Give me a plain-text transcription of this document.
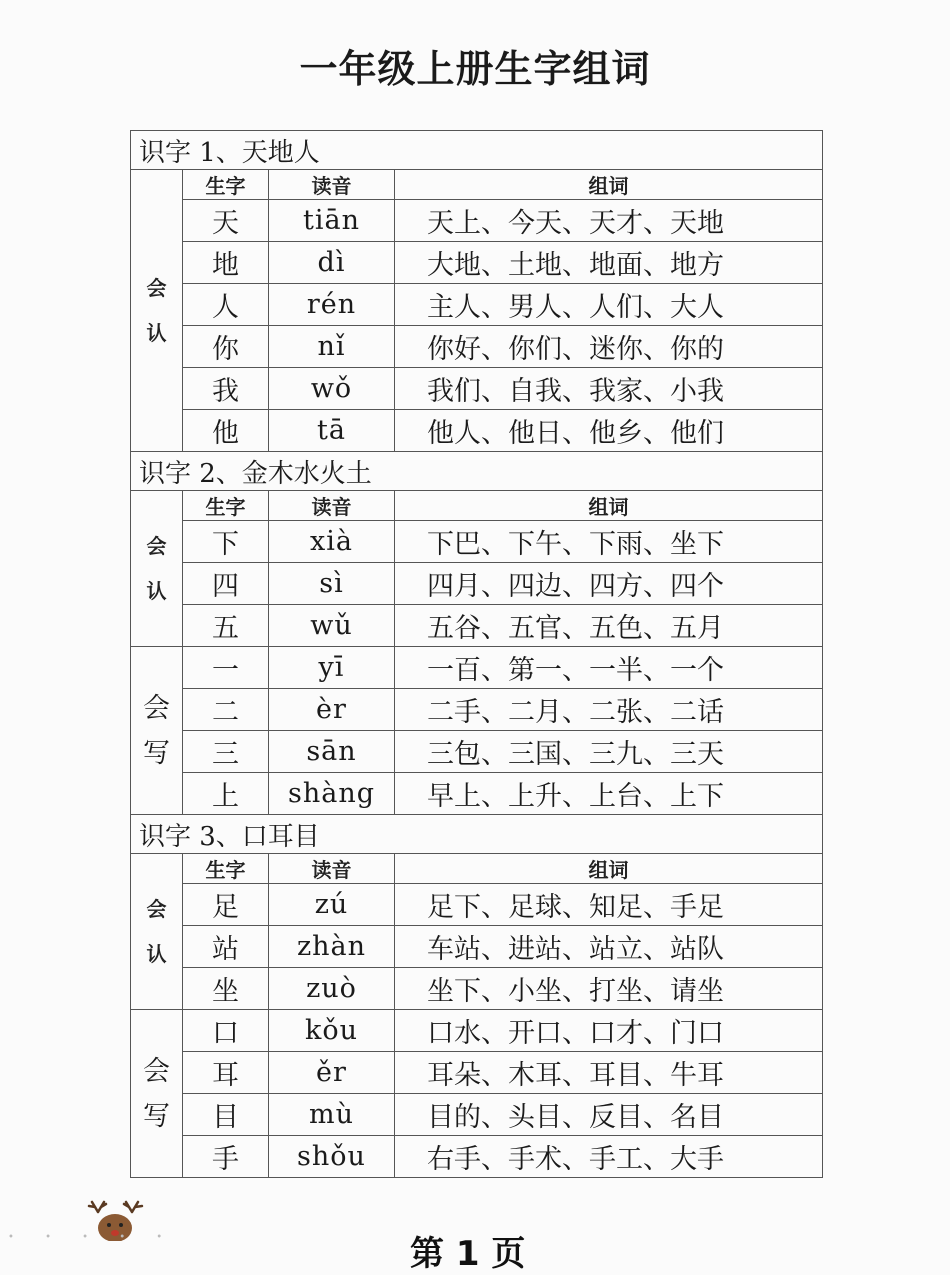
一年级上册生字组词
识字 1、天地人			

会
认	生字	读音	组词
	天	tiān	天上、今天、天才、天地
	地	dì	大地、土地、地面、地方
	人	rén	主人、男人、人们、大人
	你	nǐ	你好、你们、迷你、你的
	我	wǒ	我们、自我、我家、小我
	他	tā	他人、他日、他乡、他们
识字 2、金木水火土			

会
认	生字	读音	组词
	下	xià	下巴、下午、下雨、坐下
	四	sì	四月、四边、四方、四个
	五	wǔ	五谷、五官、五色、五月

会
写	一	yī	一百、第一、一半、一个
	二	èr	二手、二月、二张、二话
	三	sān	三包、三国、三九、三天
	上	shàng	早上、上升、上台、上下
识字 3、口耳目			

会
认	生字	读音	组词
	足	zú	足下、足球、知足、手足
	站	zhàn	车站、进站、站立、站队
	坐	zuò	坐下、小坐、打坐、请坐

会
写	口	kǒu	口水、开口、口才、门口
	耳	ěr	耳朵、木耳、耳目、牛耳
	目	mù	目的、头目、反目、名目
	手	shǒu	右手、手术、手工、大手
• • • • •	第 1 页
